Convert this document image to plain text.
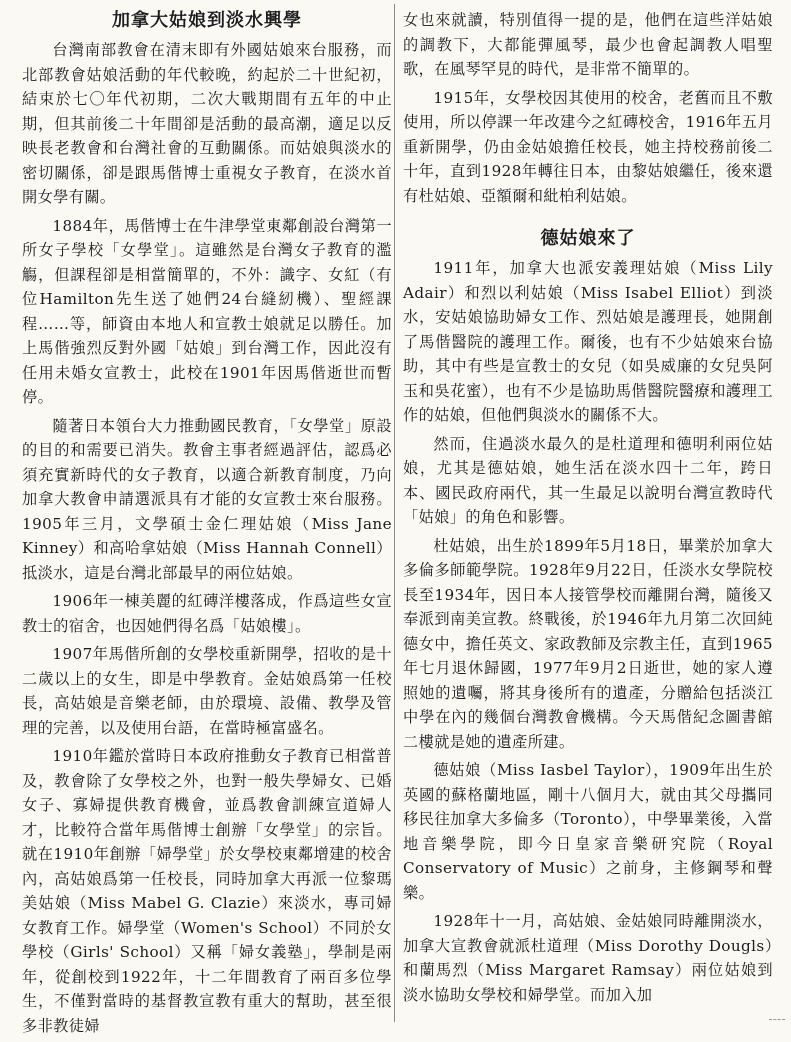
加拿大姑娘到淡水興學

台灣南部教會在清末即有外國姑娘來台服務，而北部教會姑娘活動的年代較晚，約起於二十世紀初，結束於七〇年代初期，二次大戰期間有五年的中止期，但其前後二十年間卻是活動的最高潮，適足以反映長老教會和台灣社會的互動關係。而姑娘與淡水的密切關係，卻是跟馬偕博士重視女子教育，在淡水首開女學有關。

1884年，馬偕博士在牛津學堂東鄰創設台灣第一所女子學校「女學堂」。這雖然是台灣女子教育的濫觴，但課程卻是相當簡單的，不外：識字、女紅（有位Hamilton先生送了她們24台縫紉機）、聖經課程……等，師資由本地人和宣教士娘就足以勝任。加上馬偕強烈反對外國「姑娘」到台灣工作，因此沒有任用未婚女宣教士，此校在1901年因馬偕逝世而暫停。

隨著日本領台大力推動國民教育，「女學堂」原設的目的和需要已消失。教會主事者經過評估，認爲必須充實新時代的女子教育，以適合新教育制度，乃向加拿大教會申請選派具有才能的女宣教士來台服務。1905年三月，文學碩士金仁理姑娘（Miss Jane Kinney）和高哈拿姑娘（Miss Hannah Connell）抵淡水，這是台灣北部最早的兩位姑娘。

1906年一棟美麗的紅磚洋樓落成，作爲這些女宣教士的宿舍，也因她們得名爲「姑娘樓」。

1907年馬偕所創的女學校重新開學，招收的是十二歲以上的女生，即是中學教育。金姑娘爲第一任校長，高姑娘是音樂老師，由於環境、設備、教學及管理的完善，以及使用台語，在當時極富盛名。

1910年鑑於當時日本政府推動女子教育已相當普及，教會除了女學校之外，也對一般失學婦女、已婚女子、寡婦提供教育機會，並爲教會訓練宣道婦人才，比較符合當年馬偕博士創辦「女學堂」的宗旨。就在1910年創辦「婦學堂」於女學校東鄰增建的校舍內，高姑娘爲第一任校長，同時加拿大再派一位黎瑪美姑娘（Miss Mabel G. Clazie）來淡水，專司婦女教育工作。婦學堂（Women's School）不同於女學校（Girls' School）又稱「婦女義塾」，學制是兩年，從創校到1922年，十二年間教育了兩百多位學生，不僅對當時的基督教宣教有重大的幫助，甚至很多非教徒婦

女也來就讀，特別值得一提的是，他們在這些洋姑娘的調教下，大都能彈風琴，最少也會起調教人唱聖歌，在風琴罕見的時代，是非常不簡單的。

1915年，女學校因其使用的校舍，老舊而且不敷使用，所以停課一年改建今之紅磚校舍，1916年五月重新開學，仍由金姑娘擔任校長，她主持校務前後二十年，直到1928年轉往日本，由黎姑娘繼任，後來還有杜姑娘、亞額爾和紕柏利姑娘。

德姑娘來了

1911年，加拿大也派安義理姑娘（Miss Lily Adair）和烈以利姑娘（Miss Isabel Elliot）到淡水，安姑娘協助婦女工作、烈姑娘是護理長，她開創了馬偕醫院的護理工作。爾後，也有不少姑娘來台協助，其中有些是宣教士的女兒（如吳威廉的女兒吳阿玉和吳花蜜），也有不少是協助馬偕醫院醫療和護理工作的姑娘，但他們與淡水的關係不大。

然而，住過淡水最久的是杜道理和德明利兩位姑娘，尤其是德姑娘，她生活在淡水四十二年，跨日本、國民政府兩代，其一生最足以說明台灣宣教時代「姑娘」的角色和影響。

杜姑娘，出生於1899年5月18日，畢業於加拿大多倫多師範學院。1928年9月22日，任淡水女學院校長至1934年，因日本人接管學校而離開台灣，隨後又奉派到南美宣教。終戰後，於1946年九月第二次回純德女中，擔任英文、家政教師及宗教主任，直到1965年七月退休歸國，1977年9月2日逝世，她的家人遵照她的遺囑，將其身後所有的遺產，分贈給包括淡江中學在內的幾個台灣教會機構。今天馬偕紀念圖書館二樓就是她的遺產所建。

德姑娘（Miss Iasbel Taylor），1909年出生於英國的蘇格蘭地區，剛十八個月大，就由其父母攜同移民往加拿大多倫多（Toronto），中學畢業後，入當地音樂學院，即今日皇家音樂研究院（Royal Conservatory of Music）之前身，主修鋼琴和聲樂。

1928年十一月，高姑娘、金姑娘同時離開淡水，加拿大宣教會就派杜道理（Miss Dorothy Dougls）和蘭馬烈（Miss Margaret Ramsay）兩位姑娘到淡水協助女學校和婦學堂。而加入加
